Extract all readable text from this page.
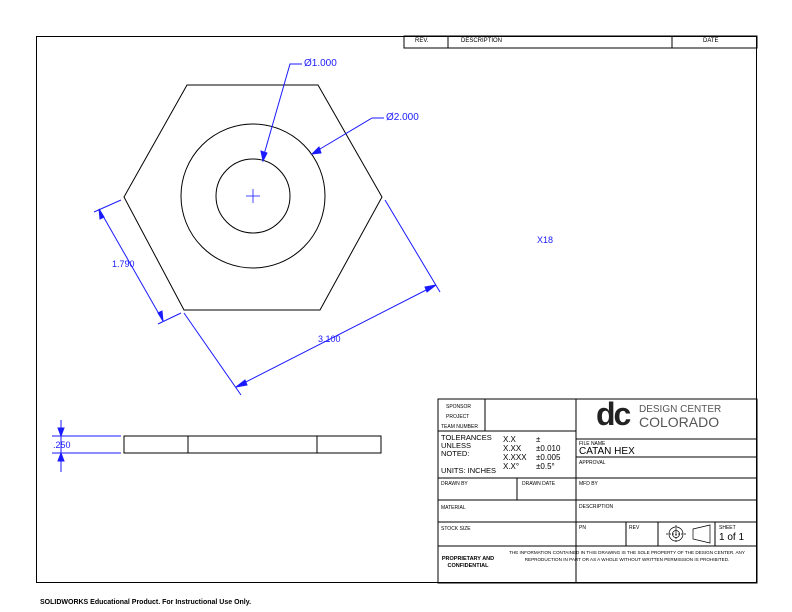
REV.	DESCRIPTION	DATE
Ø1.000
Ø2.000
1.790
3.100
.250
X18
SPONSOR
PROJECT
TEAM NUMBER
TOLERANCES
UNLESS
NOTED:
X.X	±
X.XX ±0.010
X.XXX ±0.005
X.X° ±0.5°
UNITS: INCHES
dc DESIGN CENTER
COLORADO
FILE NAME
CATAN HEX
APPROVAL
DRAWN BY	DRAWN DATE	MFD BY
MATERIAL	DESCRIPTION
STOCK SIZE	PN	REV	SHEET
1 of 1
PROPRIETARY AND
CONFIDENTIAL
THE INFORMATION CONTAINED IN THIS DRAWING IS THE SOLE PROPERTY OF THE DESIGN CENTER. ANY REPRODUCTION IN PART OR AS A WHOLE WITHOUT WRITTEN PERMISSION IS PROHIBITED.
SOLIDWORKS Educational Product. For Instructional Use Only.
